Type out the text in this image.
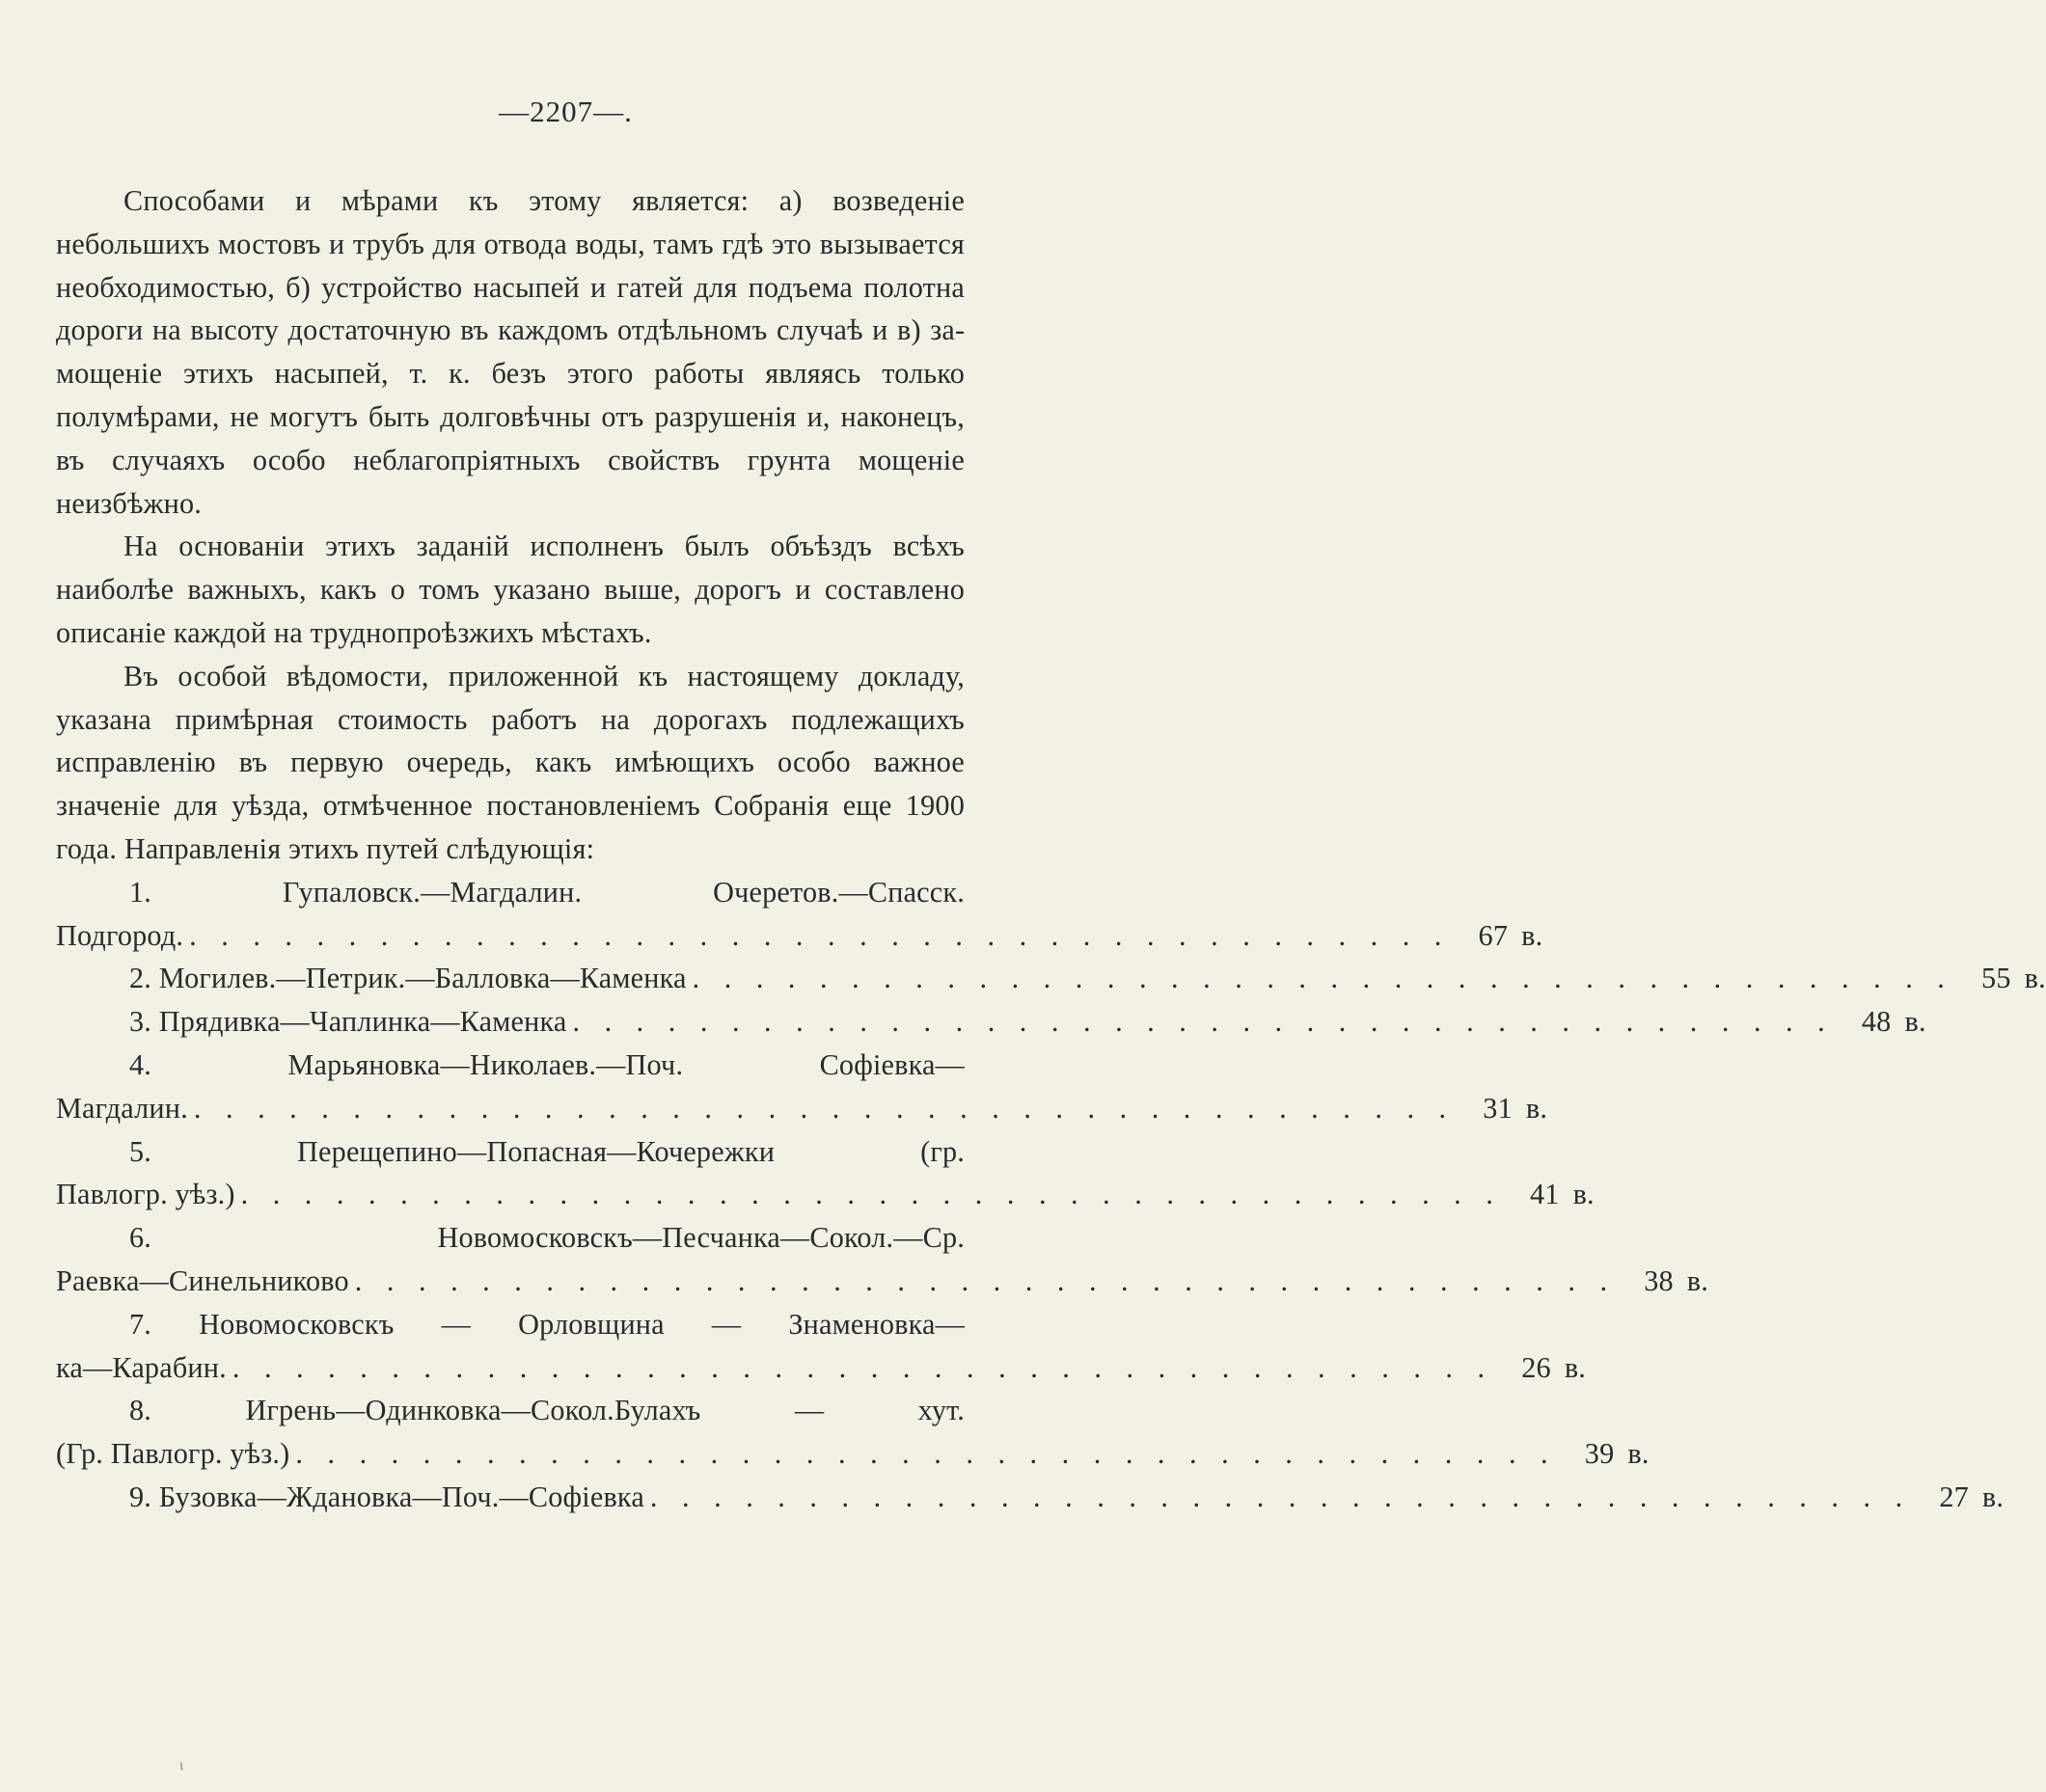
—2207—.

Способами и мѣрами къ этому является: а) возведеніе небольшихъ мостовъ и трубъ для отвода воды, тамъ гдѣ это вызывается необходимостью, б) устройство насыпей и гатей для подъема полотна дороги на высоту достаточную въ каждомъ отдѣльномъ случаѣ и в) замощеніе этихъ насыпей, т. к. безъ этого работы являясь только полумѣрами, не могутъ быть долговѣчны отъ разрушенія и, наконецъ, въ случаяхъ особо неблагопріятныхъ свойствъ грунта мощеніе неизбѣжно.

На основанiи этихъ заданій исполненъ былъ объѣздъ всѣхъ наиболѣе важныхъ, какъ о томъ указано выше, дорогъ и составлено описаніе каждой на труднопроѣзжихъ мѣстахъ.

Въ особой вѣдомости, приложенной къ настоящему докладу, указана примѣрная стоимость работъ на дорогахъ подлежащихъ исправленію въ первую очередь, какъ имѣющихъ особо важное значеніе для уѣзда, отмѣченное постановленіемъ Собранія еще 1900 года. Направленія этихъ путей слѣдующія:

1. Гупаловск.—Магдалин. Очеретов.—Спасск.
Подгород. . . . . . . . . . . . . . . . . . . . . . . . . . . . . . . . . . . . . . . . . 67 в.
2. Могилев.—Петрик.—Балловка—Каменка . . . . . . . . . . . . . . . . . . . . . . . . . . . . . . . . . . . . . . . . 55 в.
3. Прядивка—Чаплинка—Каменка . . . . . . . . . . . . . . . . . . . . . . . . . . . . . . . . . . . . . . . . 48 в.
4. Марьяновка—Николаев.—Поч. Софіевка—
Магдалин. . . . . . . . . . . . . . . . . . . . . . . . . . . . . . . . . . . . . . . . . 31 в.
5. Перещепино—Попасная—Кочережки (гр.
Павлогр. уѣз.) . . . . . . . . . . . . . . . . . . . . . . . . . . . . . . . . . . . . . . . . 41 в.
6. Новомосковскъ—Песчанка—Сокол.—Ср.
Раевка—Синельниково . . . . . . . . . . . . . . . . . . . . . . . . . . . . . . . . . . . . . . . . 38 в.
7. Новомосковскъ — Орловщина — Знаменовка—
ка—Карабин. . . . . . . . . . . . . . . . . . . . . . . . . . . . . . . . . . . . . . . . . 26 в.
8. Игрень—Одинковка—Сокол.Булахъ — хут.
(Гр. Павлогр. уѣз.) . . . . . . . . . . . . . . . . . . . . . . . . . . . . . . . . . . . . . . . . 39 в.
9. Бузовка—Ждановка—Поч.—Софіевка . . . . . . . . . . . . . . . . . . . . . . . . . . . . . . . . . . . . . . . . 27 в.
ι
